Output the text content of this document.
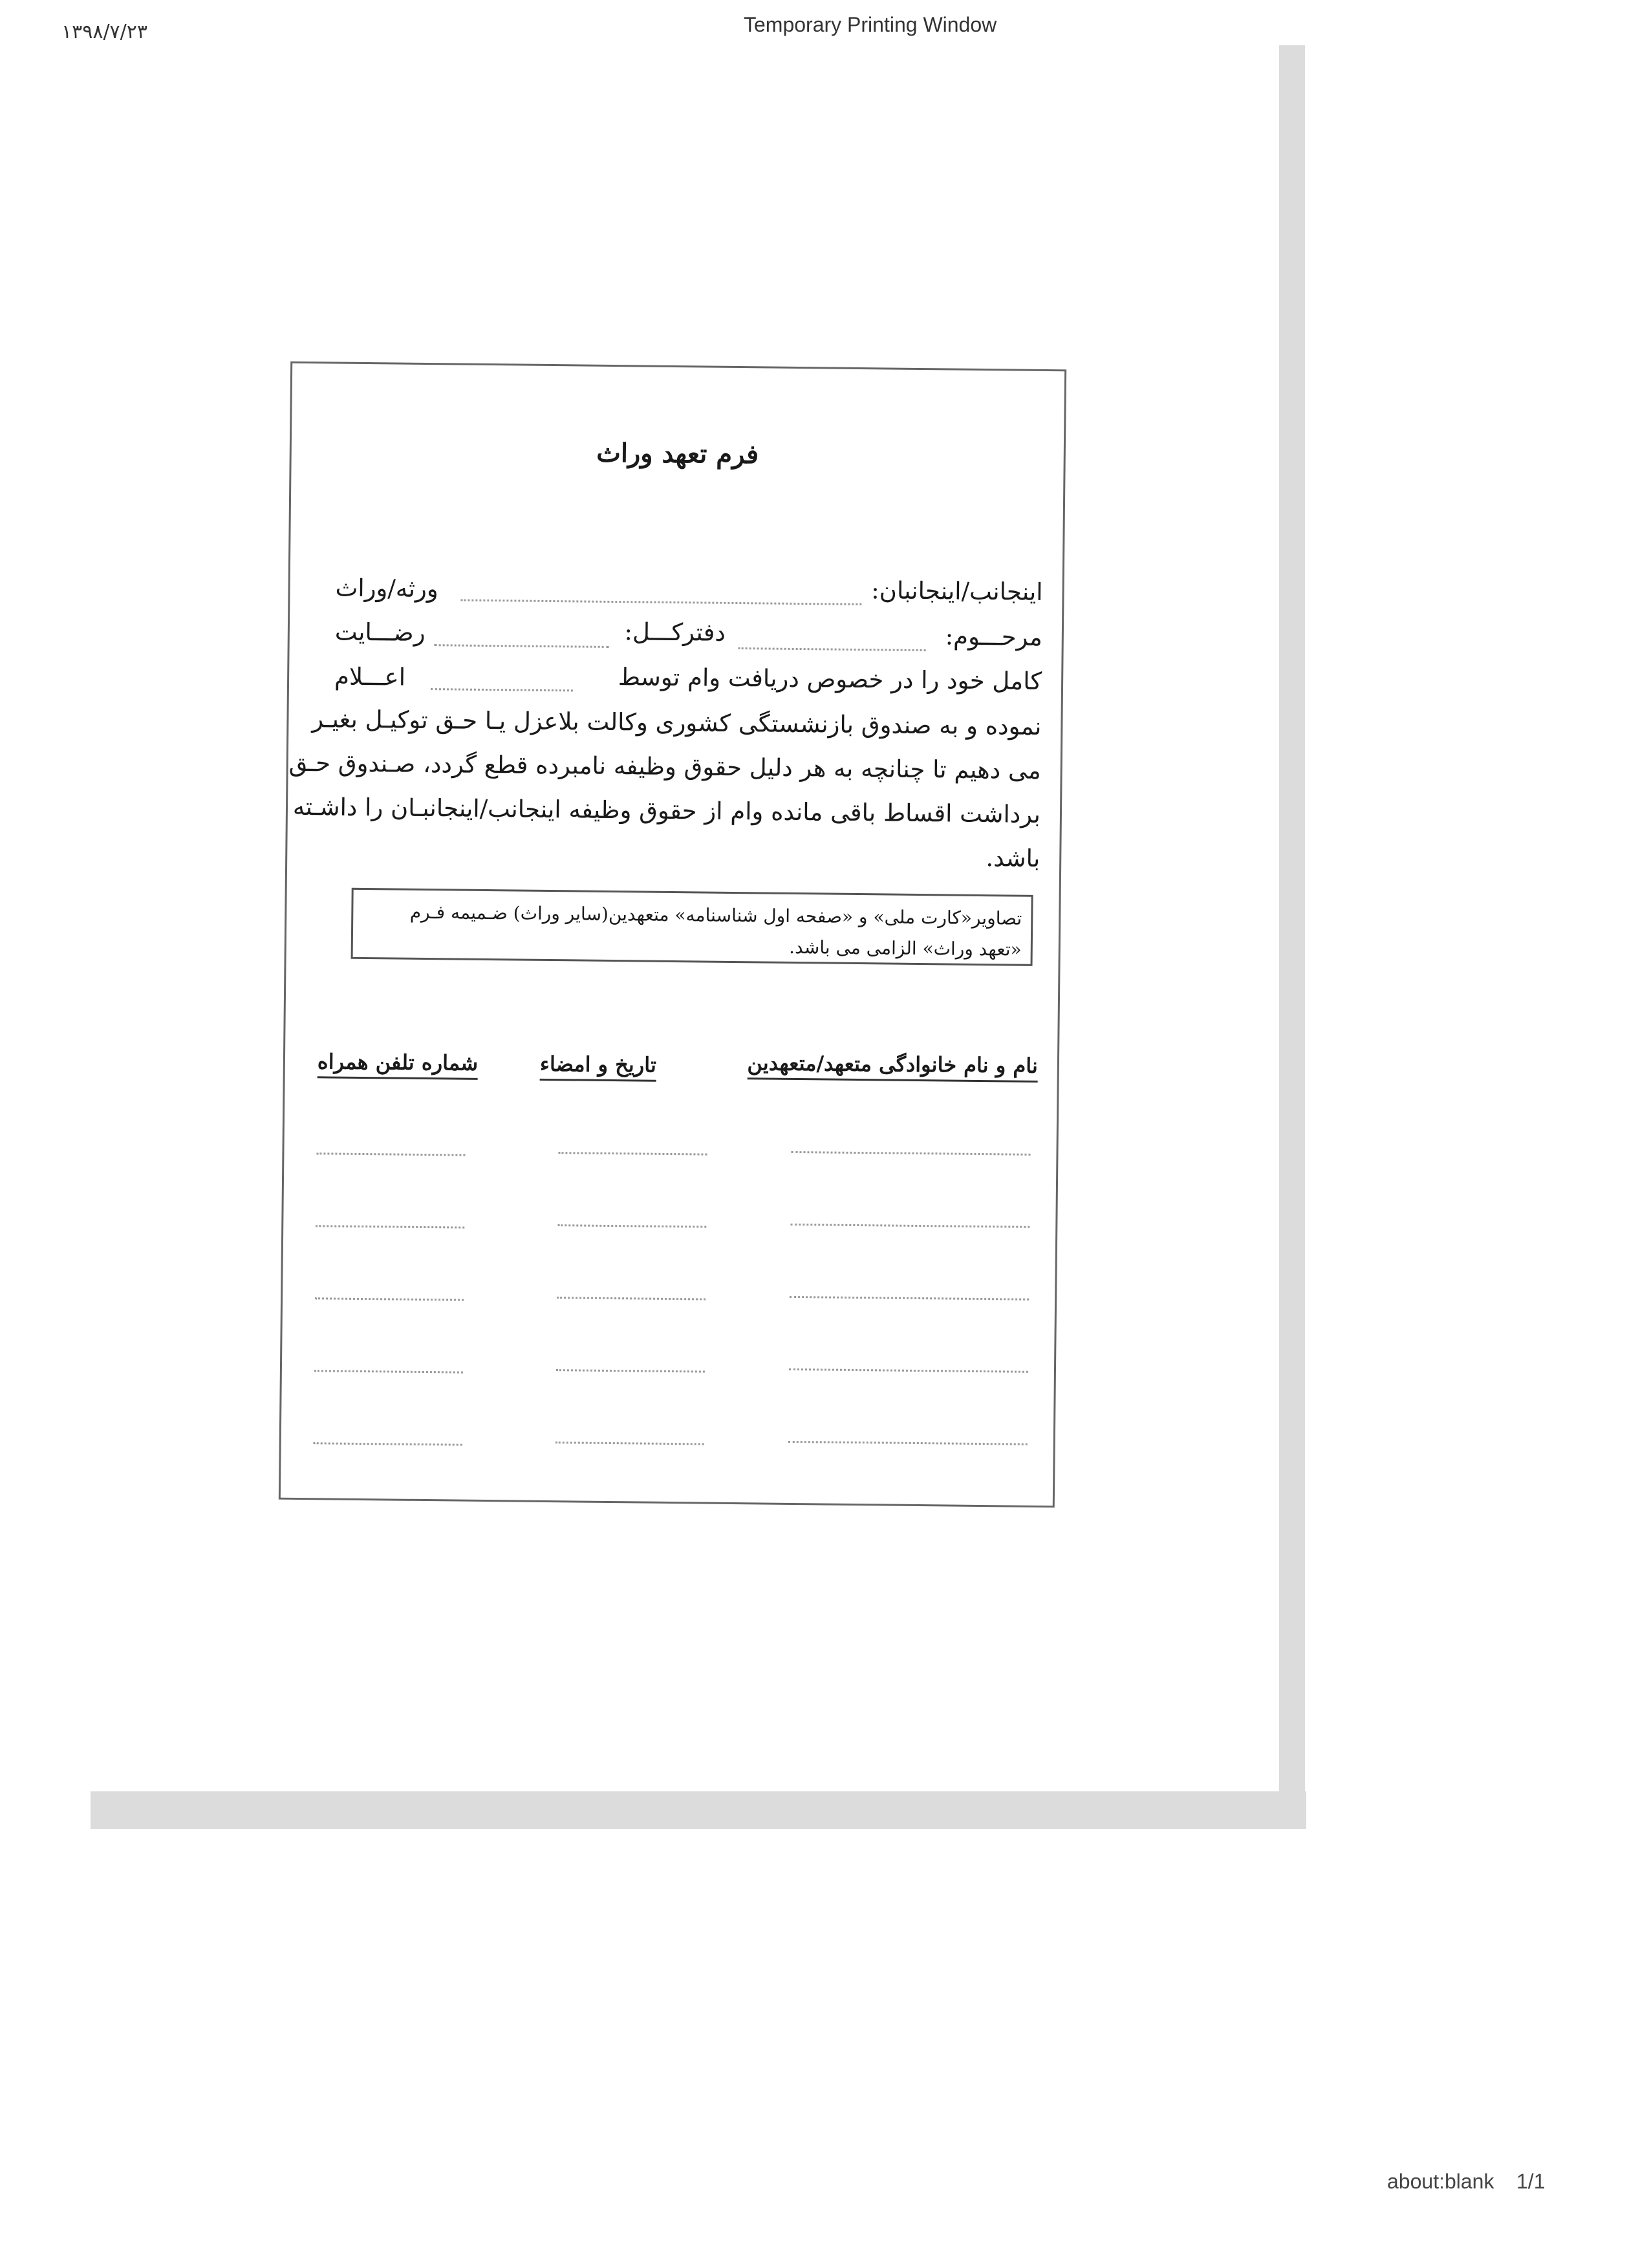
۱۳۹۸/۷/۲۳	Temporary Printing Window
about:blank 1/1
فرم تعهد وراث
اینجانب/اینجانبان:
ورثه/وراث
مرحـــوم:
دفترکـــل:
رضـــایت
کامل خود را در خصوص دریافت وام توسط
اعـــلام
نموده و به صندوق بازنشستگی کشوری وکالت بلاعزل یـا حـق توکیـل بغیـر
می دهیم تا چنانچه به هر دلیل حقوق وظیفه نامبرده قطع گردد، صـندوق حـق
برداشت اقساط باقی مانده وام از حقوق وظیفه اینجانب/اینجانبـان را داشـته
باشد.
تصاویر«کارت ملی» و «صفحه اول شناسنامه» متعهدین(سایر وراث) ضـمیمه فـرم
«تعهد وراث» الزامی می باشد.
نام و نام خانوادگی متعهد/متعهدین
تاریخ و امضاء
شماره تلفن همراه
